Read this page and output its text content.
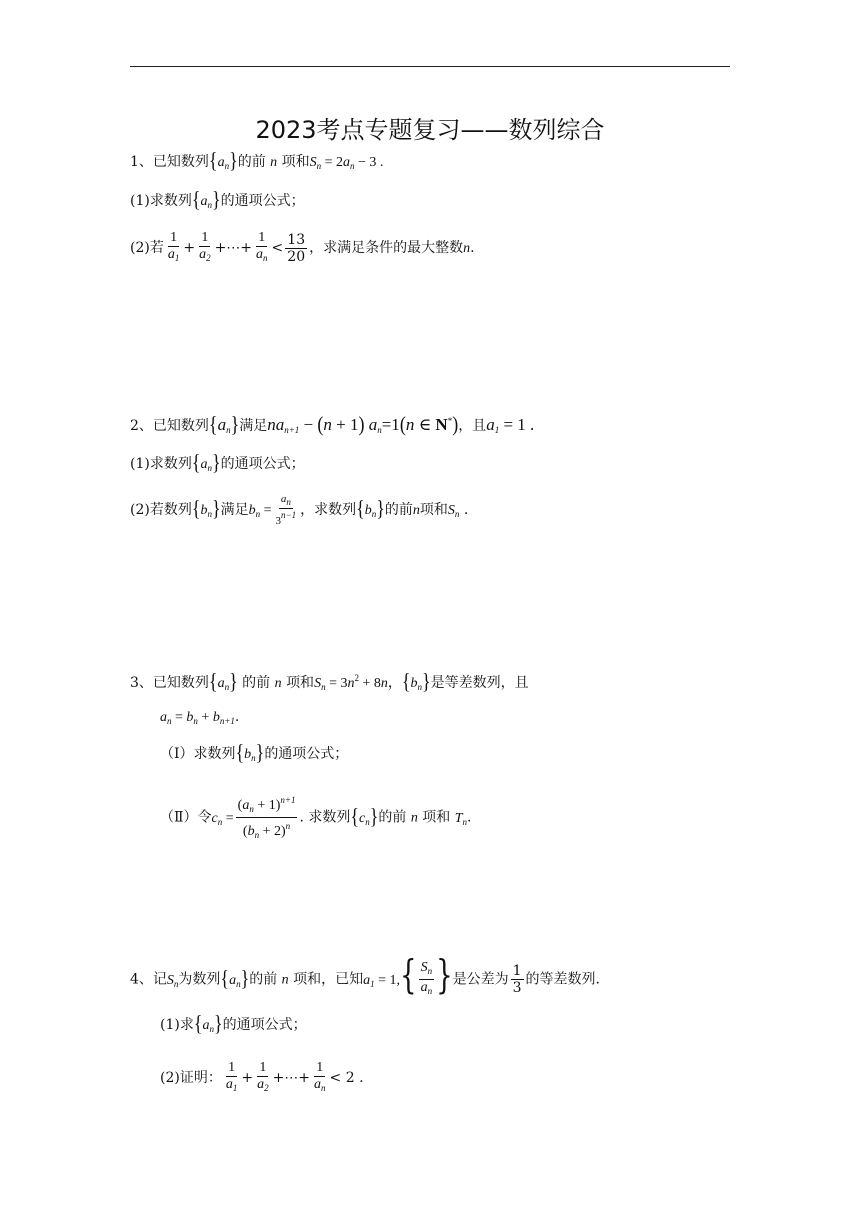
2023考点专题复习——数列综合
1、已知数列$\{a_n\}$的前 n 项和$S_n = 2a_n - 3$ .
(1)求数列$\{a_n\}$的通项公式；
(2)若 $\frac{1}{a_1} + \frac{1}{a_2}$ +⋯+ $\frac{1}{a_n} < \frac{13}{20}$ ，求满足条件的最大整数n.
2、已知数列$\{a_n\}$满足$na_{n+1} - (n + 1)$ $a_n=1(n$ ∈ N*)，且$a_1 = 1$ .
(1)求数列$\{a_n\}$的通项公式；
(2)若数列$\{b_n\}$满足$b_n = \frac{a_n}{3^{n-1}}$ ，求数列$\{b_n\}$的前n项和$S_n$ .
3、已知数列$\{a_n\}$ 的前 n 项和$S_n = 3n^2 + 8n$，$\{b_n\}$是等差数列，且
$a_n = b_n + b_{n+1}$.
（Ⅰ）求数列$\{b_n\}$的通项公式；
（Ⅱ）令$c_n = \frac{(a_n + 1)^{n+1}}{(b_n + 2)^n}$ . 求数列$\{c_n\}$的前 n 项和 $T_n$.
4、记$S_n$为数列$\{a_n\}$的前 n 项和，已知$a_1 = 1,\{ \frac{S_n}{a_n}$ }是公差为 $\frac{1}{3}$ 的等差数列.
(1)求$\{a_n\}$的通项公式；
(2)证明： $\frac{1}{a_1} + \frac{1}{a_2}$ +⋯+ $\frac{1}{a_n} < 2$ .
